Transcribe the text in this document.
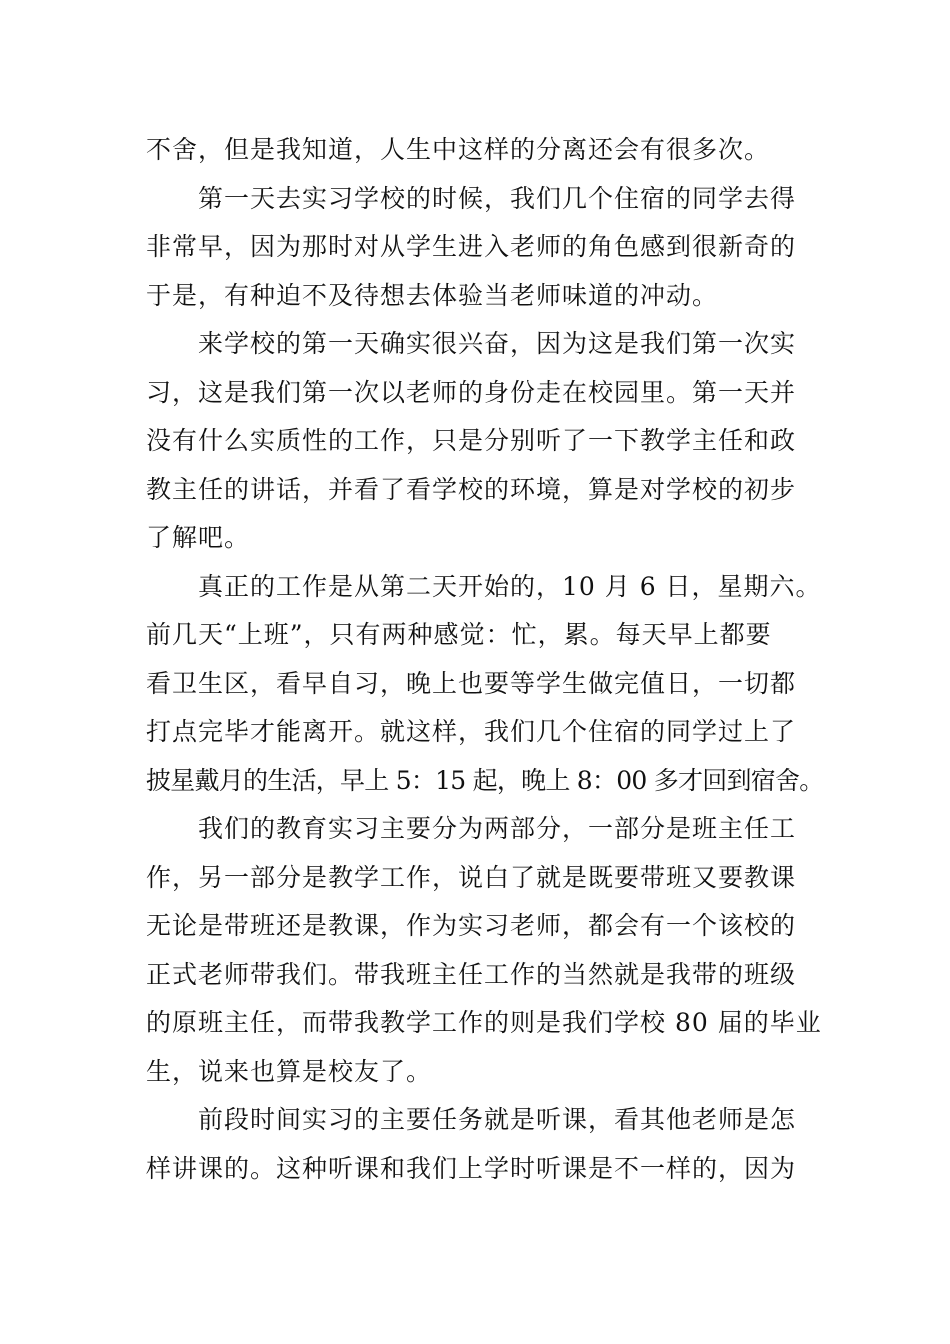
不舍，但是我知道，人生中这样的分离还会有很多次。
第一天去实习学校的时候，我们几个住宿的同学去得
非常早，因为那时对从学生进入老师的角色感到很新奇的
于是，有种迫不及待想去体验当老师味道的冲动。
来学校的第一天确实很兴奋，因为这是我们第一次实
习，这是我们第一次以老师的身份走在校园里。第一天并
没有什么实质性的工作，只是分别听了一下教学主任和政
教主任的讲话，并看了看学校的环境，算是对学校的初步
了解吧。
真正的工作是从第二天开始的，10 月 6 日，星期六。
前几天“上班”，只有两种感觉：忙，累。每天早上都要
看卫生区，看早自习，晚上也要等学生做完值日，一切都
打点完毕才能离开。就这样，我们几个住宿的同学过上了
披星戴月的生活，早上 5：15 起，晚上 8：00 多才回到宿舍。
我们的教育实习主要分为两部分，一部分是班主任工
作，另一部分是教学工作，说白了就是既要带班又要教课
无论是带班还是教课，作为实习老师，都会有一个该校的
正式老师带我们。带我班主任工作的当然就是我带的班级
的原班主任，而带我教学工作的则是我们学校 80 届的毕业
生，说来也算是校友了。
前段时间实习的主要任务就是听课，看其他老师是怎
样讲课的。这种听课和我们上学时听课是不一样的，因为
